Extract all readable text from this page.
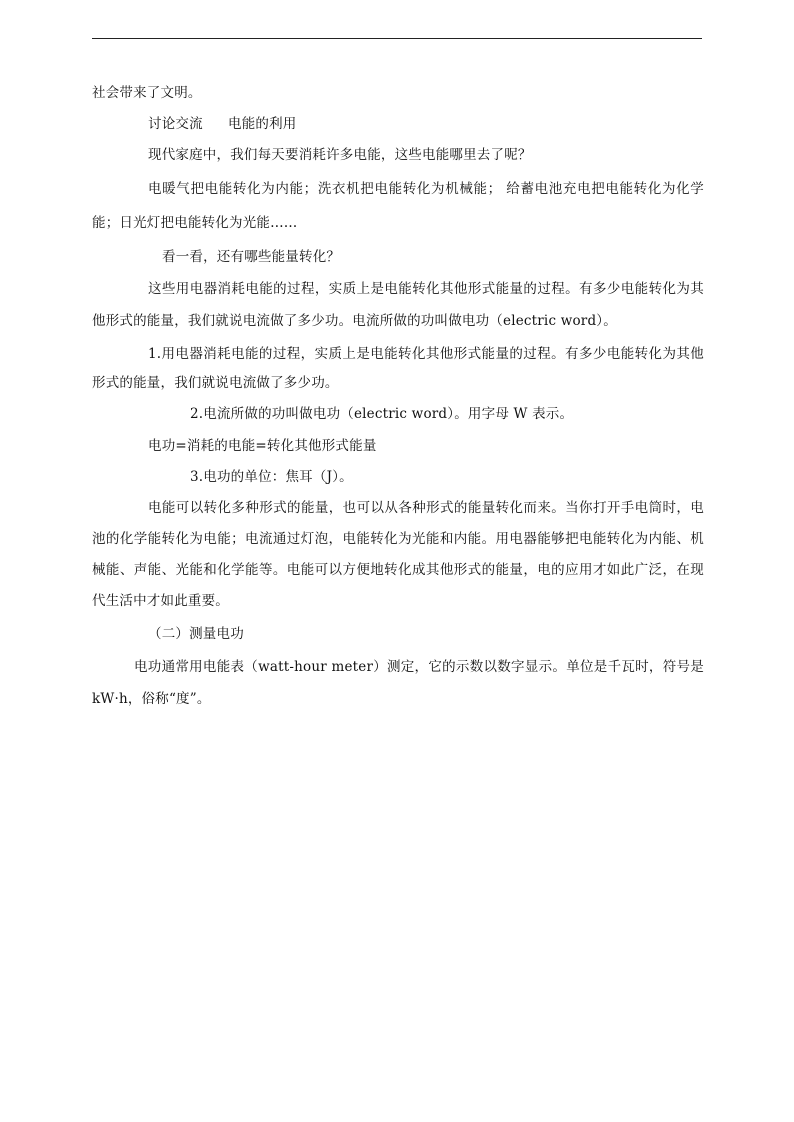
社会带来了文明。
讨论交流 电能的利用
现代家庭中，我们每天要消耗许多电能，这些电能哪里去了呢？
电暖气把电能转化为内能；洗衣机把电能转化为机械能； 给蓄电池充电把电能转化为化学
能；日光灯把电能转化为光能……
看一看，还有哪些能量转化？
这些用电器消耗电能的过程，实质上是电能转化其他形式能量的过程。有多少电能转化为其
他形式的能量，我们就说电流做了多少功。电流所做的功叫做电功（electric word）。
1.用电器消耗电能的过程，实质上是电能转化其他形式能量的过程。有多少电能转化为其他
形式的能量，我们就说电流做了多少功。
2.电流所做的功叫做电功（electric word）。用字母 W 表示。
电功=消耗的电能=转化其他形式能量
3.电功的单位：焦耳（J）。
电能可以转化多种形式的能量，也可以从各种形式的能量转化而来。当你打开手电筒时，电
池的化学能转化为电能；电流通过灯泡，电能转化为光能和内能。用电器能够把电能转化为内能、机
械能、声能、光能和化学能等。电能可以方便地转化成其他形式的能量，电的应用才如此广泛，在现
代生活中才如此重要。
（二）测量电功
电功通常用电能表（watt-hour meter）测定，它的示数以数字显示。单位是千瓦时，符号是
kW·h，俗称“度”。
